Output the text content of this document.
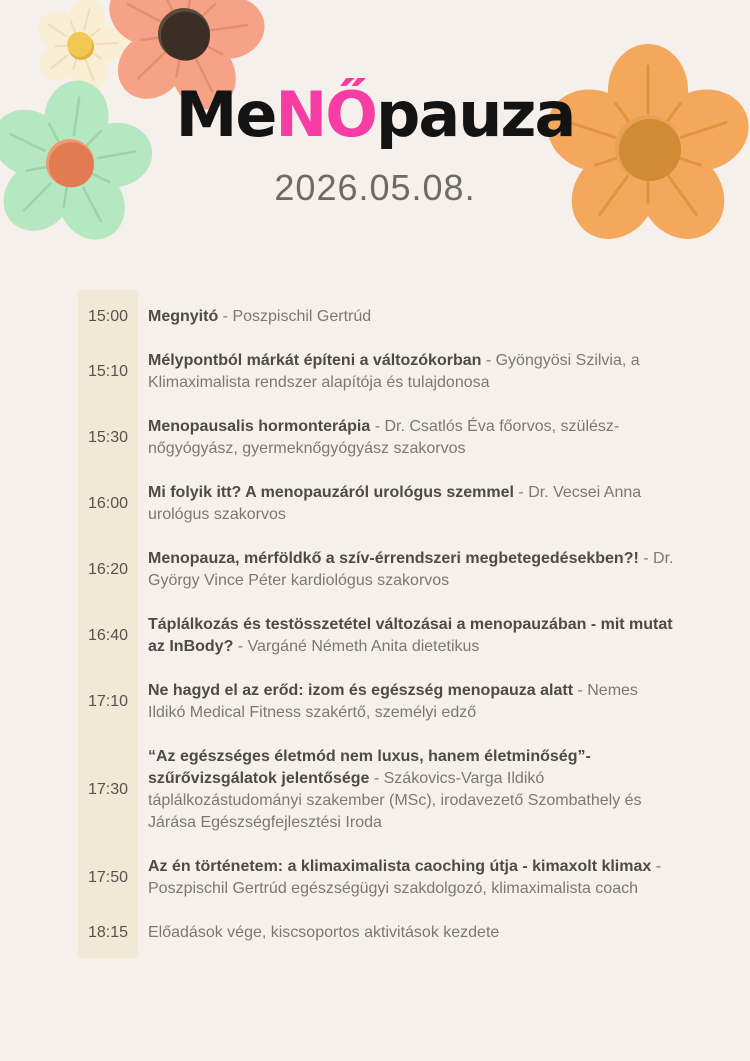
MeNŐpauza
2026.05.08.
15:00	Megnyitó - Poszpischil Gertrúd

15:10

Mélypontból márkát építeni a változókorban - Gyöngyösi Szilvia, a Klimaximalista rendszer alapítója és tulajdonosa

15:30

Menopausalis hormonterápia - Dr. Csatlós Éva főorvos, szülész-nőgyógyász, gyermeknőgyógyász szakorvos

16:00

Mi folyik itt? A menopauzáról urológus szemmel - Dr. Vecsei Anna urológus szakorvos

16:20

Menopauza, mérföldkő a szív-érrendszeri megbetegedésekben?! - Dr. György Vince Péter kardiológus szakorvos

16:40

Táplálkozás és testösszetétel változásai a menopauzában - mit mutat az InBody? - Vargáné Németh Anita dietetikus

17:10

Ne hagyd el az erőd: izom és egészség menopauza alatt - Nemes Ildikó Medical Fitness szakértő, személyi edző

17:30

“Az egészséges életmód nem luxus, hanem életminőség”- szűrővizsgálatok jelentősége - Szákovics-Varga Ildikó táplálkozástudományi szakember (MSc), irodavezető Szombathely és Járása Egészségfejlesztési Iroda

17:50

Az én történetem: a klimaximalista caoching útja - kimaxolt klimax - Poszpischil Gertrúd egészségügyi szakdolgozó, klimaximalista coach

18:15	Előadások vége, kiscsoportos aktivitások kezdete
